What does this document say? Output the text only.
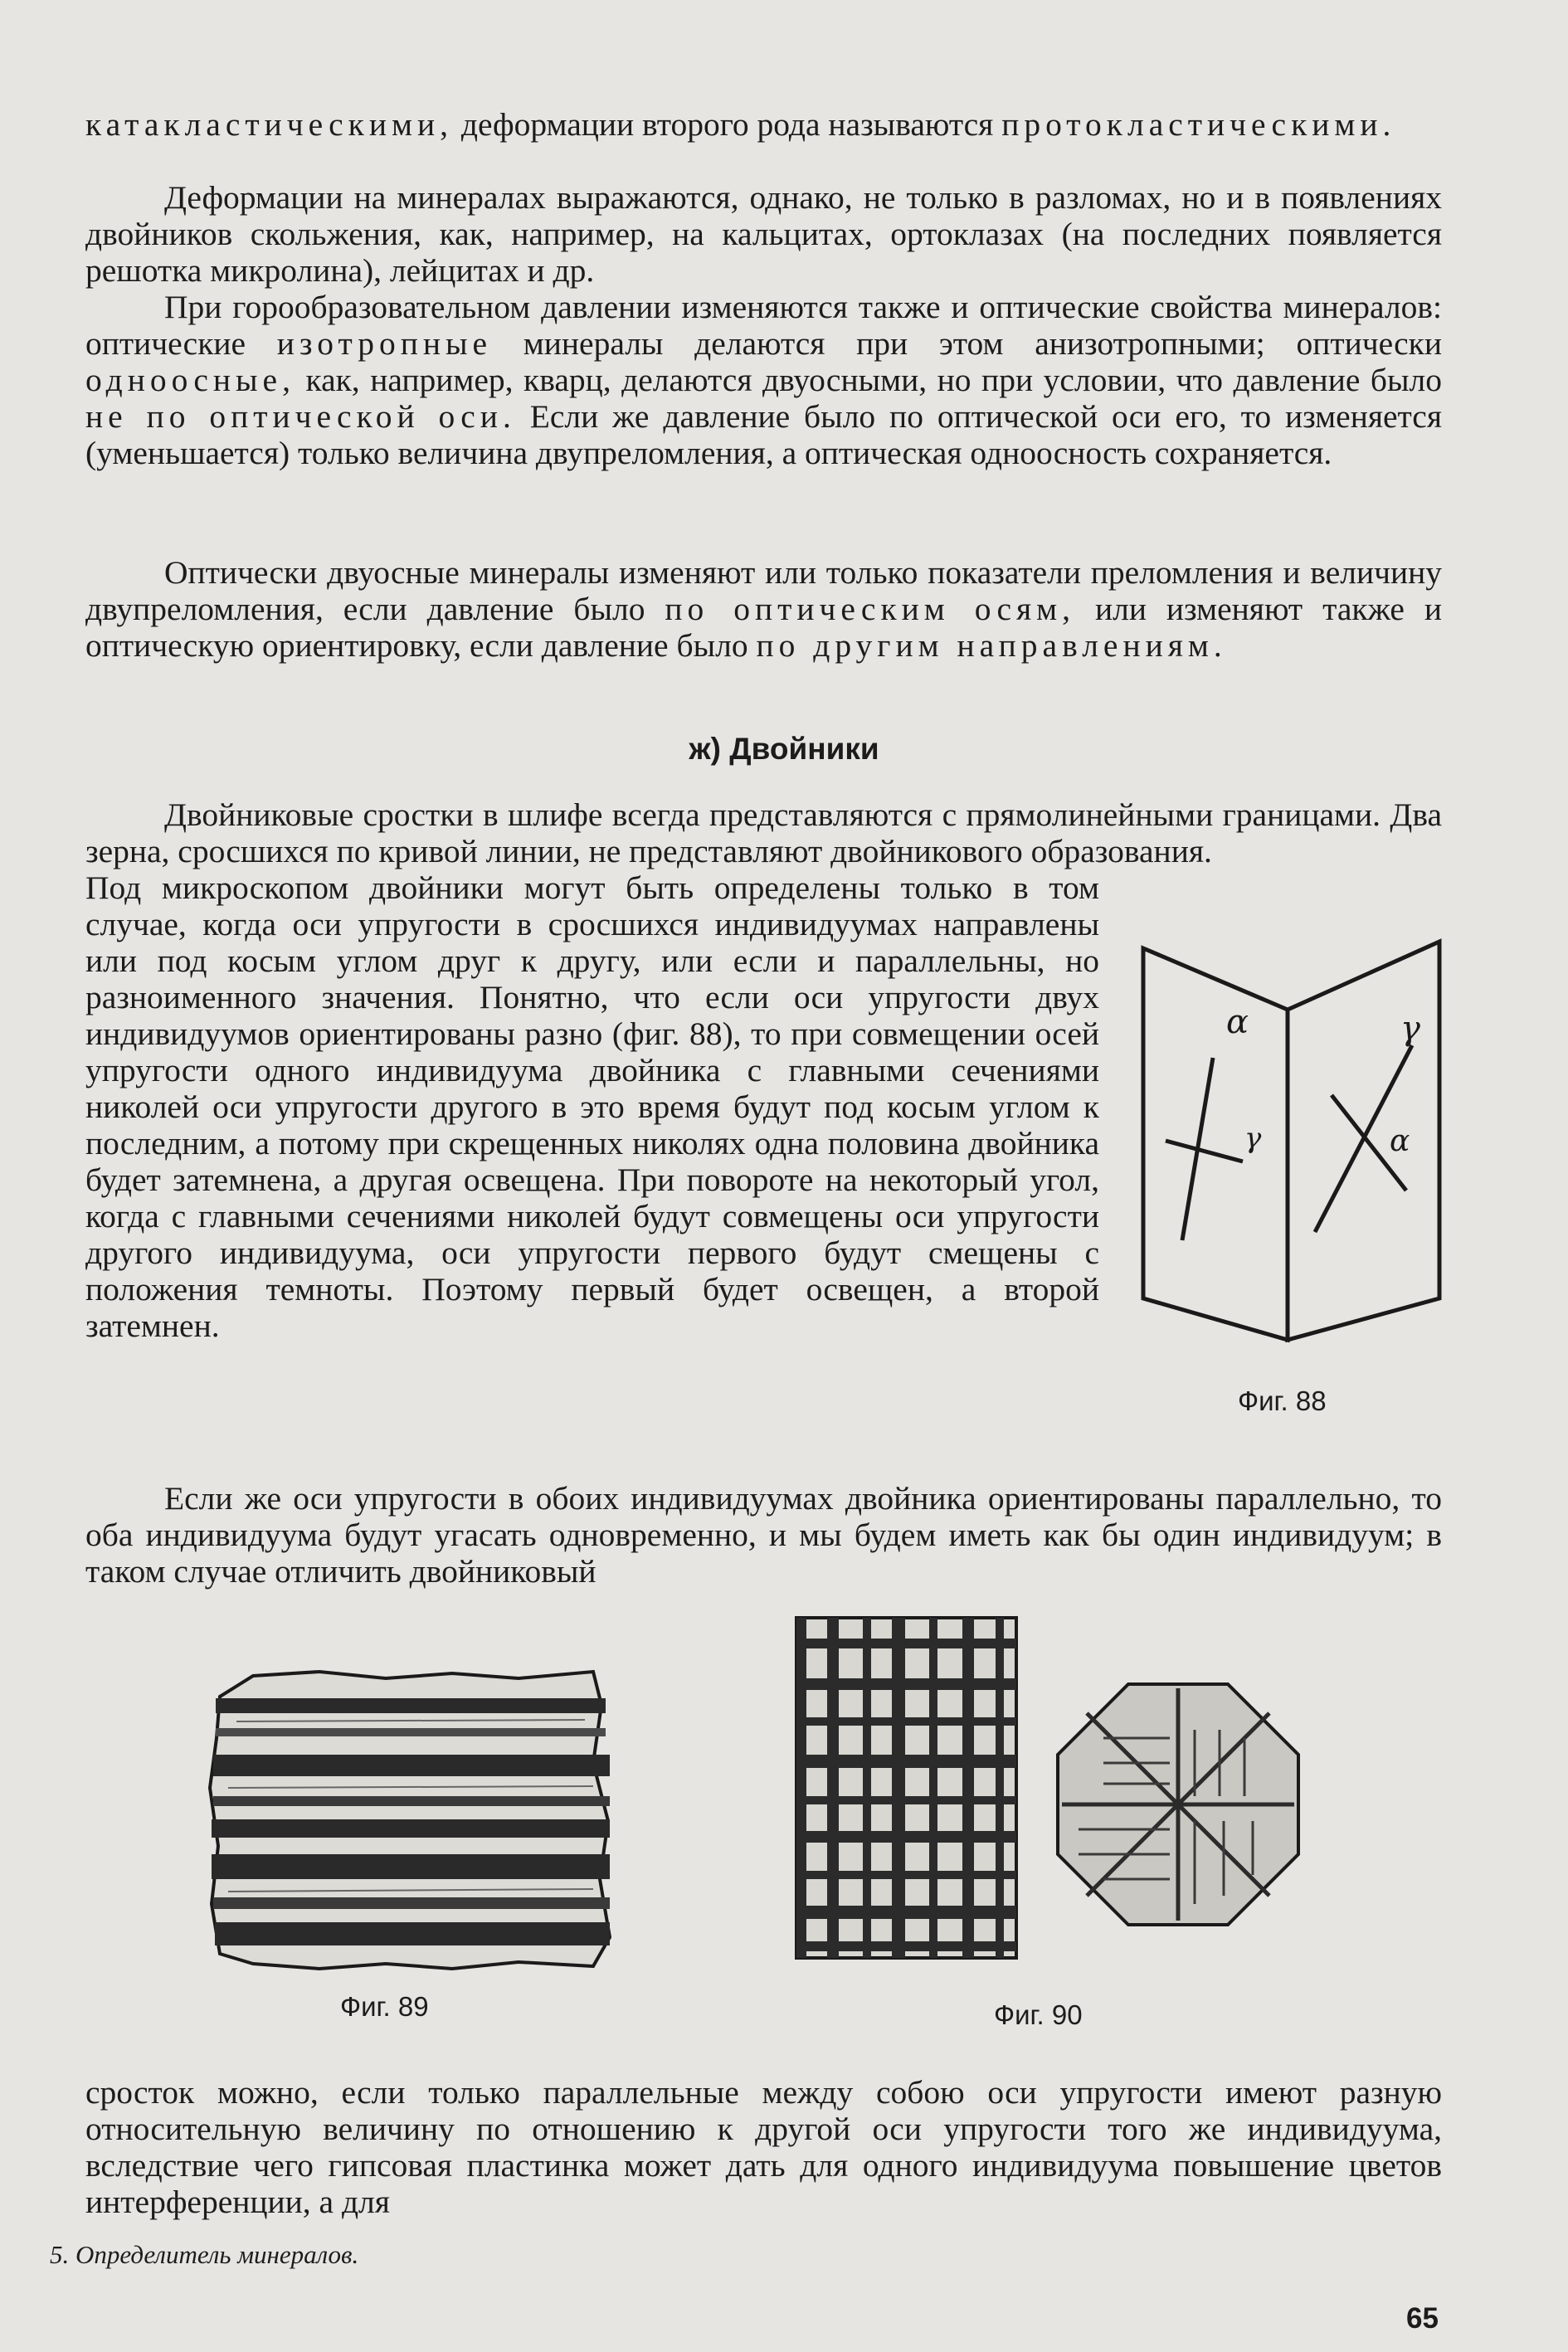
катакластическими, деформации второго рода называются протокластическими.

Деформации на минералах выражаются, однако, не только в разломах, но и в появлениях двойников скольжения, как, например, на кальцитах, ортоклазах (на последних появляется решотка микролина), лейцитах и др.

При горообразовательном давлении изменяются также и оптические свойства минералов: оптические изотропные минералы делаются при этом анизотропными; оптически одноосные, как, например, кварц, делаются двуосными, но при условии, что давление было не по оптической оси. Если же давление было по оптической оси его, то изменяется (уменьшается) только величина двупреломления, а оптическая одноосность сохраняется.

Оптически двуосные минералы изменяют или только показатели преломления и величину двупреломления, если давление было по оптическим осям, или изменяют также и оптическую ориентировку, если давление было по другим направлениям.

ж) Двойники

Двойниковые сростки в шлифе всегда представляются с прямолинейными границами. Два зерна, сросшихся по кривой линии, не представляют двойникового образования.

Под микроскопом двойники могут быть определены только в том случае, когда оси упругости в сросшихся индивидуумах направлены или под косым углом друг к другу, или если и параллельны, но разноименного значения. Понятно, что если оси упругости двух индивидуумов ориентированы разно (фиг. 88), то при совмещении осей упругости одного индивидуума двойника с главными сечениями николей оси упругости другого в это время будут под косым углом к последним, а потому при скрещенных николях одна половина двойника будет затемнена, а другая освещена. При повороте на некоторый угол, когда с главными сечениями николей будут совмещены оси упругости другого индивидуума, оси упругости первого будут смещены с положения темноты. Поэтому первый будет освещен, а второй затемнен.

α
γ
γ
α
Фиг. 88

Если же оси упругости в обоих индивидуумах двойника ориентированы параллельно, то оба индивидуума будут угасать одновременно, и мы будем иметь как бы один индивидуум; в таком случае отличить двойниковый

Фиг. 89	Фиг. 90

сросток можно, если только параллельные между собою оси упругости имеют разную относительную величину по отношению к другой оси упругости того же индивидуума, вследствие чего гипсовая пластинка может дать для одного индивидуума повышение цветов интерференции, а для

5. Определитель минералов.
65
